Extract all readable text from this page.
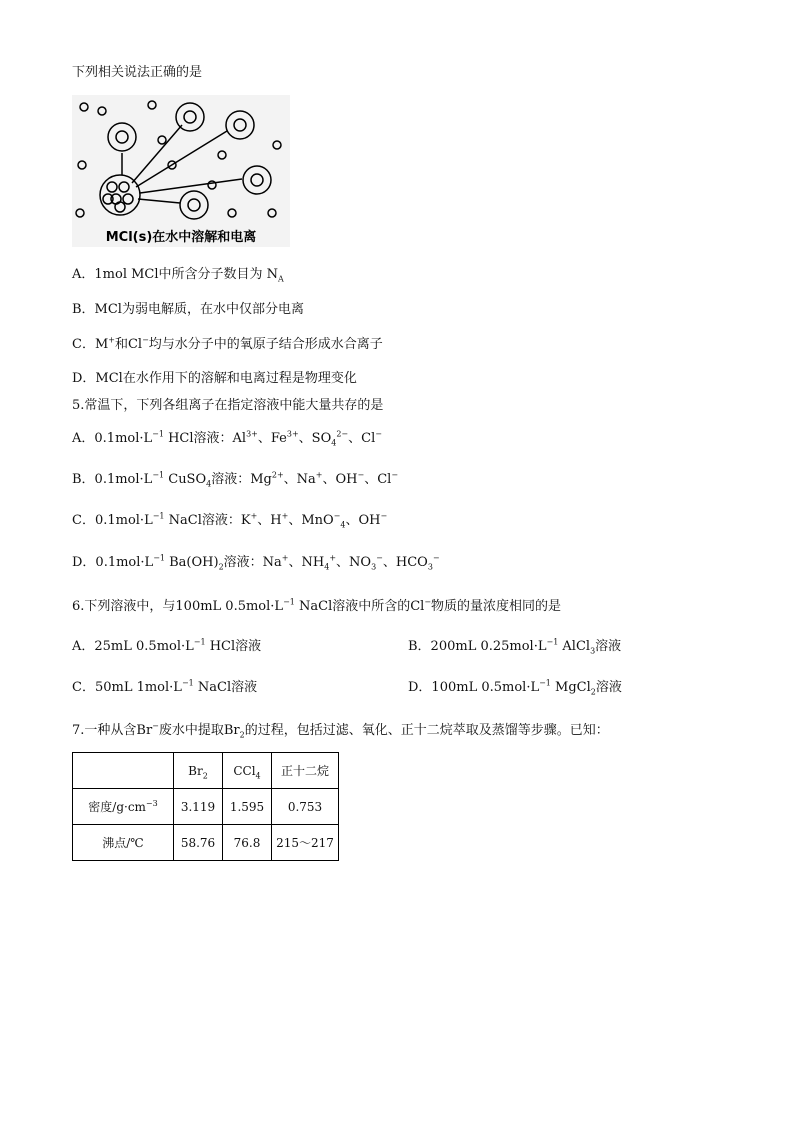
下列相关说法正确的是
MCl(s)在水中溶解和电离
A．1mol MCl中所含分子数目为 $N_A$
B．MCl为弱电解质，在水中仅部分电离
C．M+和Cl−均与水分子中的氧原子结合形成水合离子
D．MCl在水作用下的溶解和电离过程是物理变化
5.常温下，下列各组离子在指定溶液中能大量共存的是
A．$0.1mol\cdot L^{-1}$ HCl溶液：$Al^{3+}$、$Fe^{3+}$、$SO_4^{2-}$、Cl−
B．$0.1mol\cdot L^{-1}$ CuSO$_4$溶液：$Mg^{2+}$、Na+、OH−、Cl−
C．$0.1mol\cdot L^{-1}$ NaCl溶液：K+、H+、MnO−$_4$、OH−
D．$0.1mol\cdot L^{-1}$ $Ba(OH)_2$溶液：Na+、$NH_4^+$、$NO_3^-$、$HCO_3^-$
6.下列溶液中，与100mL $0.5mol\cdot L^{-1}$ NaCl溶液中所含的Cl−物质的量浓度相同的是
A．25mL $0.5mol\cdot L^{-1}$ HCl溶液	B．200mL $0.25mol\cdot L^{-1}$ AlCl$_3$溶液
C．50mL $1mol\cdot L^{-1}$ NaCl溶液	D．100mL $0.5mol\cdot L^{-1}$ MgCl$_2$溶液
7.一种从含Br−废水中提取$Br_2$的过程，包括过滤、氧化、正十二烷萃取及蒸馏等步骤。已知：
	$Br_2$	CCl$_4$	正十二烷
密度$/g\cdot cm^{-3}$	3.119	1.595	0.753
沸点/℃	58.76	76.8	215～217
